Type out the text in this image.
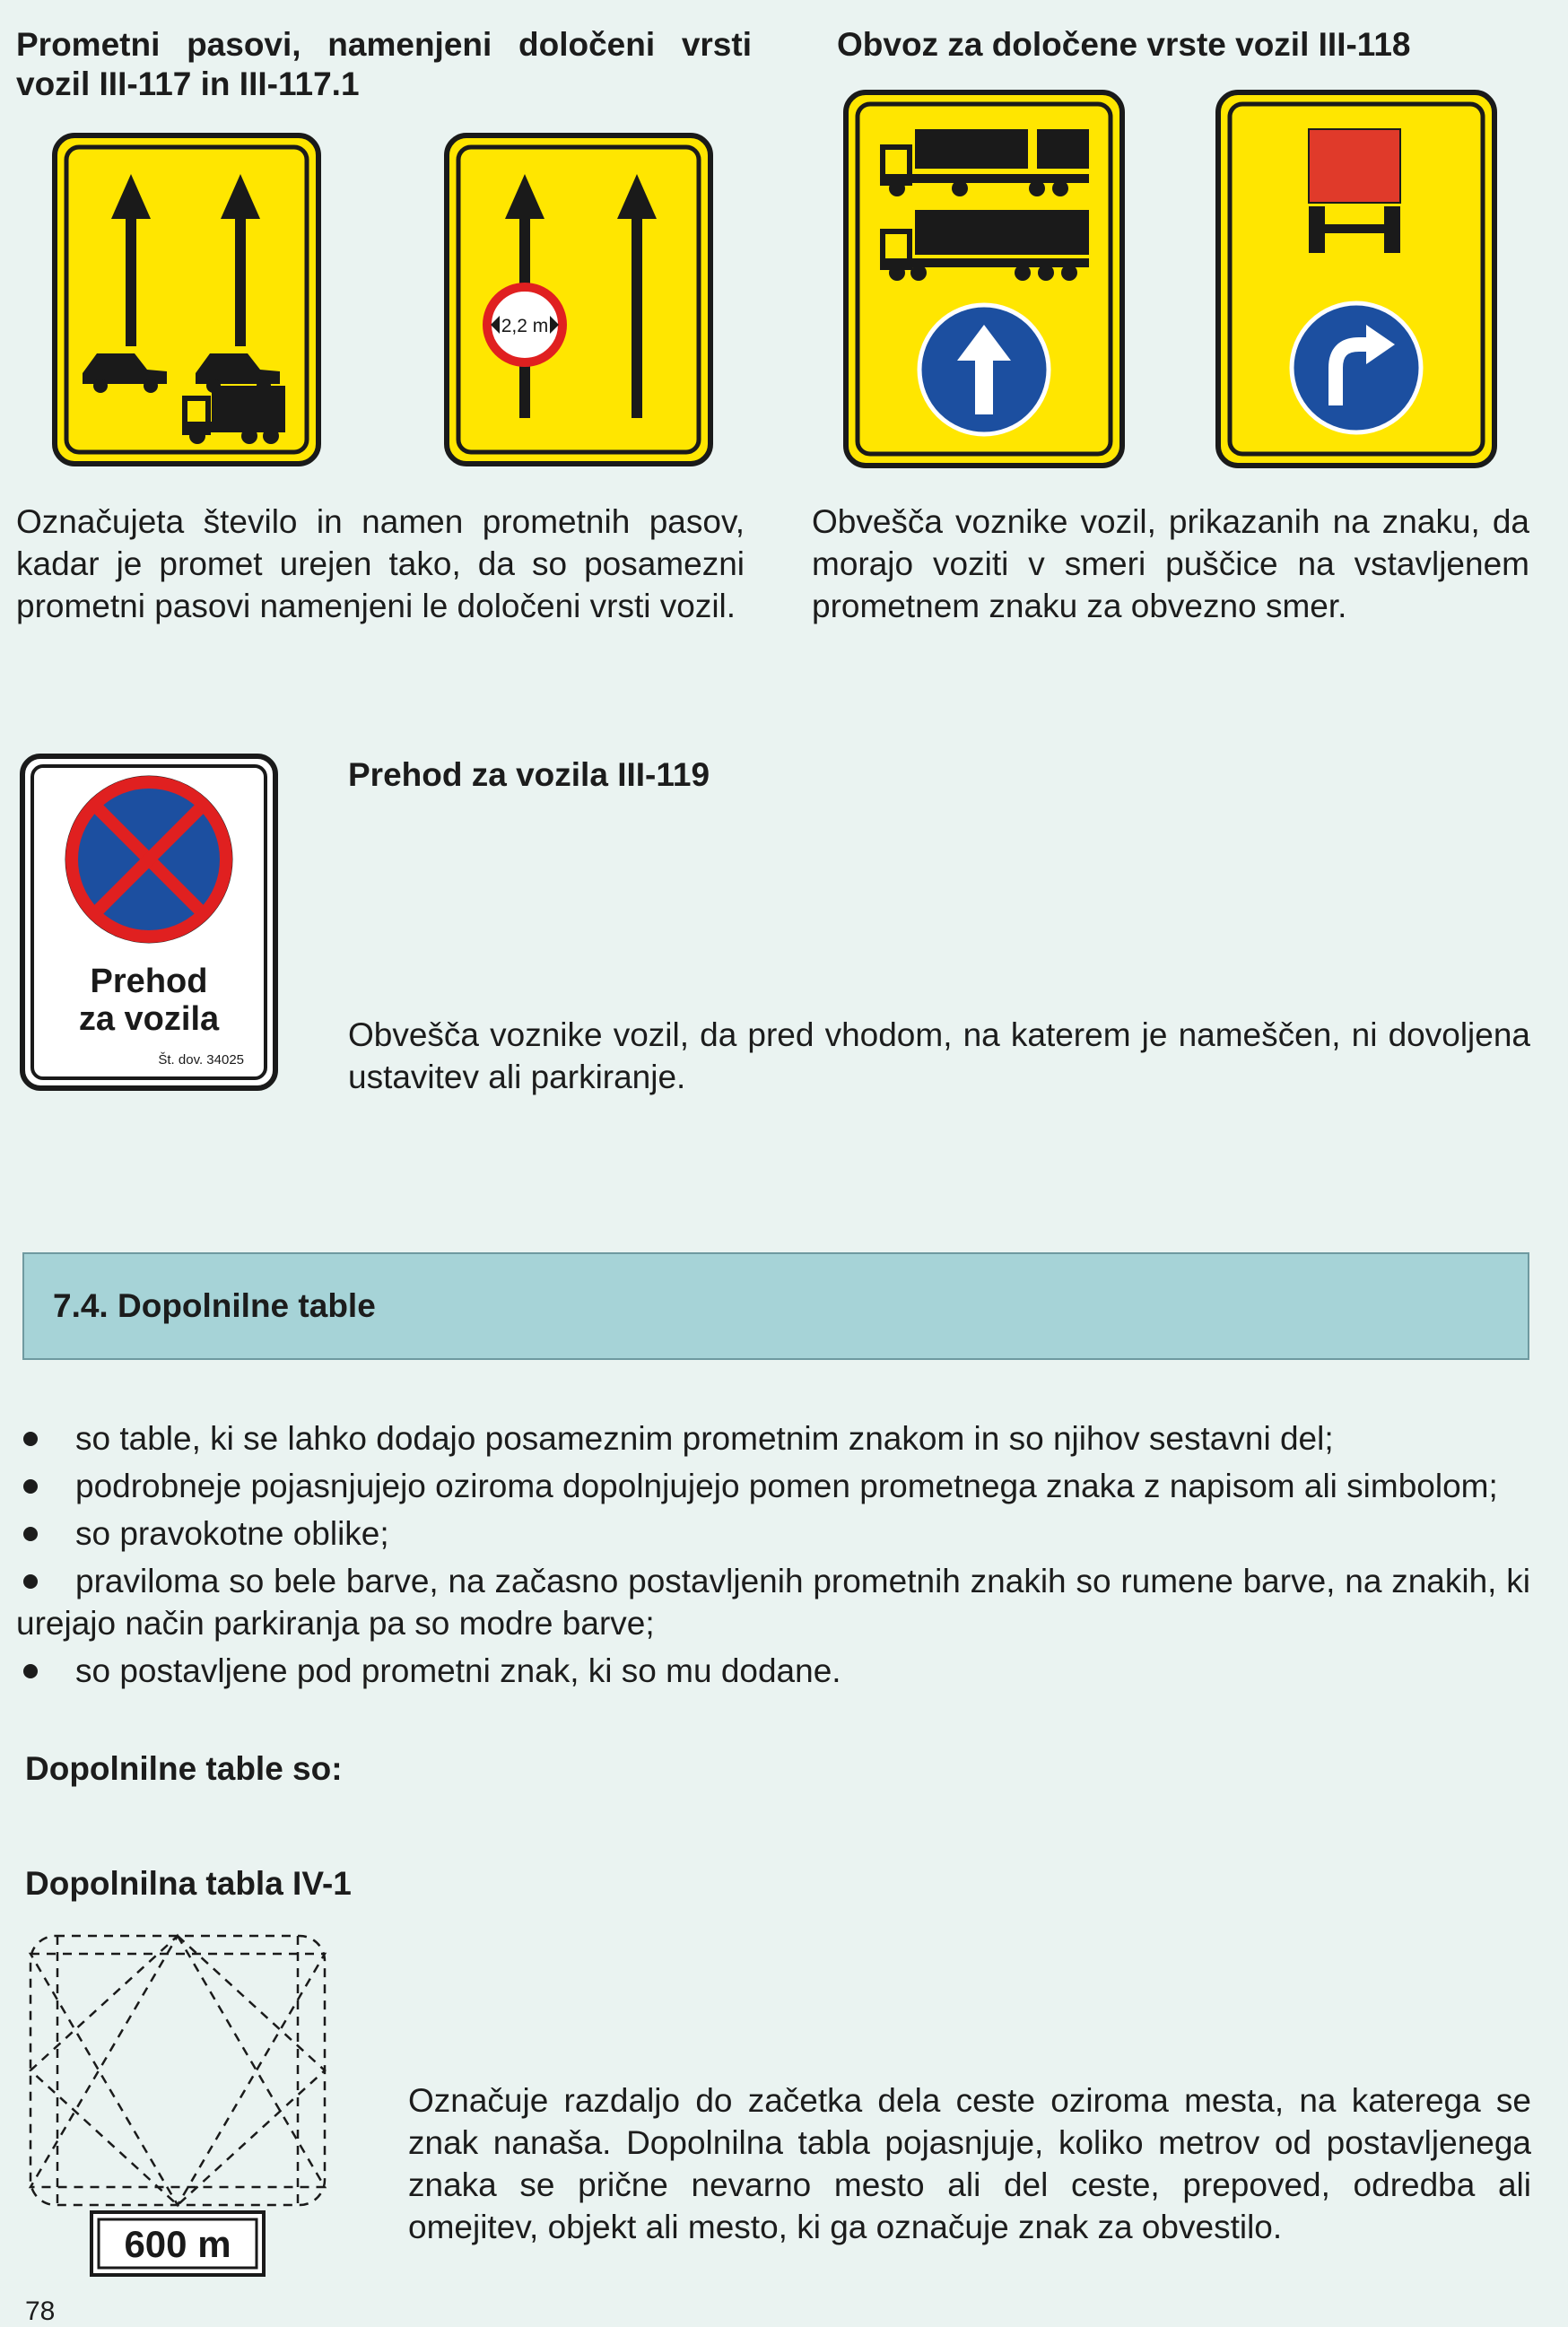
Prometni pasovi, namenjeni določeni vrsti vozil III-117 in III-117.1
2,2 m

Označujeta število in namen prometnih pasov, kadar je promet urejen tako, da so posamezni prometni pasovi namenjeni le določeni vrsti vozil.

Obvoz za določene vrste vozil III-118

Obvešča voznike vozil, prikazanih na znaku, da morajo voziti v smeri puščice na vstavljenem prometnem znaku za obvezno smer.

Prehod
za vozila
Št. dov. 34025
Prehod za vozila III-119

Obvešča voznike vozil, da pred vhodom, na katerem je nameščen, ni dovoljena ustavitev ali parkiranje.

7.4. Dopolnilne table
so table, ki se lahko dodajo posameznim prometnim znakom in so njihov sestavni del;
podrobneje pojasnjujejo oziroma dopolnjujejo pomen prometnega znaka z napisom ali simbolom;
so pravokotne oblike;
praviloma so bele barve, na začasno postavljenih prometnih znakih so rumene barve, na znakih, ki urejajo način parkiranja pa so modre barve;
so postavljene pod prometni znak, ki so mu dodane.
Dopolnilne table so:
Dopolnilna tabla IV-1
600 m

Označuje razdaljo do začetka dela ceste oziroma mesta, na katerega se znak nanaša. Dopolnilna tabla pojasnjuje, koliko metrov od postavljenega znaka se prične nevarno mesto ali del ceste, prepoved, odredba ali omejitev, objekt ali mesto, ki ga označuje znak za obvestilo.

78
